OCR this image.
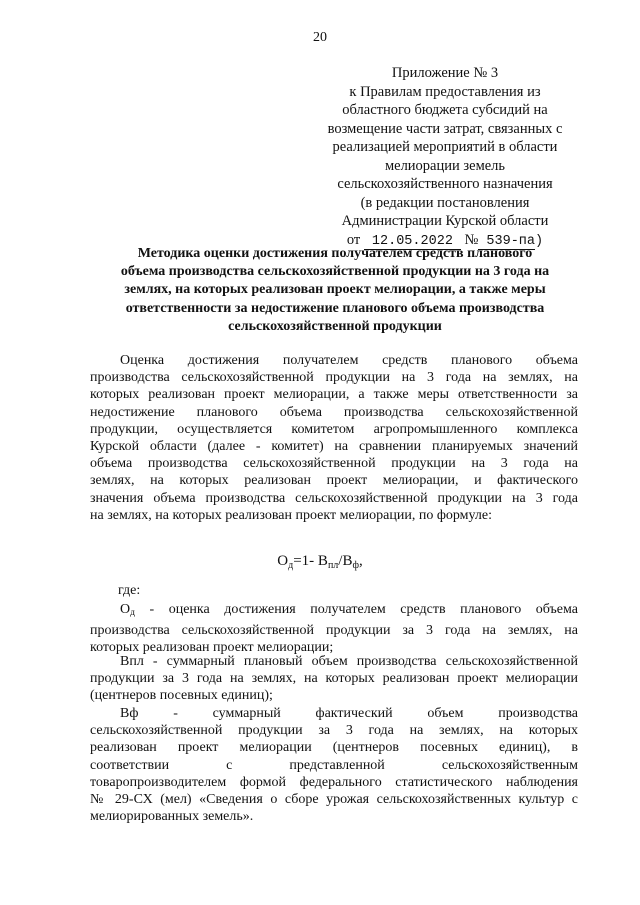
20
Приложение № 3
к Правилам предоставления из
областного бюджета субсидий на
возмещение части затрат, связанных с
реализацией мероприятий в области
мелиорации земель
сельскохозяйственного назначения
(в редакции постановления
Администрации Курской области
от 12.05.2022 № 539-па)
Методика оценки достижения получателем средств планового
объема производства сельскохозяйственной продукции на 3 года на
землях, на которых реализован проект мелиорации, а также меры
ответственности за недостижение планового объема производства
сельскохозяйственной продукции
Оценка достижения получателем средств планового объема
производства сельскохозяйственной продукции на 3 года на землях, на
которых реализован проект мелиорации, а также меры ответственности за
недостижение планового объема производства сельскохозяйственной
продукции, осуществляется комитетом агропромышленного комплекса
Курской области (далее - комитет) на сравнении планируемых значений
объема производства сельскохозяйственной продукции на 3 года на
землях, на которых реализован проект мелиорации, и фактического
значения объема производства сельскохозяйственной продукции на 3 года
на землях, на которых реализован проект мелиорации, по формуле:
$О_д=1-$ $В_{пл}/В_ф$,
где:
$О_д$ - оценка достижения получателем средств планового объема
производства сельскохозяйственной продукции за 3 года на землях, на
которых реализован проект мелиорации;
Впл - суммарный плановый объем производства сельскохозяйственной
продукции за 3 года на землях, на которых реализован проект мелиорации
(центнеров посевных единиц);
Вф - суммарный фактический объем производства
сельскохозяйственной продукции за 3 года на землях, на которых
реализован проект мелиорации (центнеров посевных единиц), в
соответствии с представленной сельскохозяйственным
товаропроизводителем формой федерального статистического наблюдения
№ 29-СХ (мел) «Сведения о сборе урожая сельскохозяйственных культур с
мелиорированных земель».
